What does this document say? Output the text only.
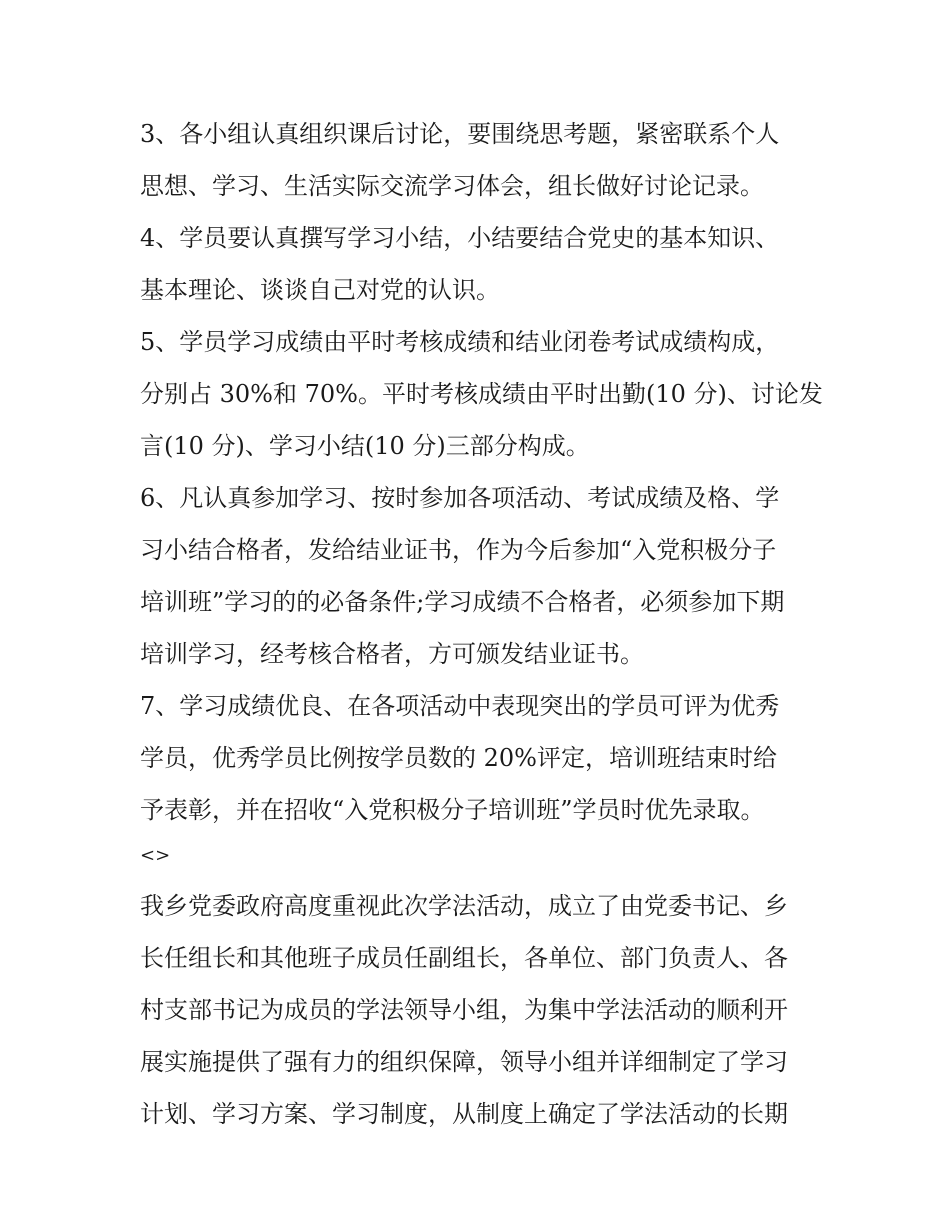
3、各小组认真组织课后讨论，要围绕思考题，紧密联系个人
思想、学习、生活实际交流学习体会，组长做好讨论记录。
4、学员要认真撰写学习小结，小结要结合党史的基本知识、
基本理论、谈谈自己对党的认识。
5、学员学习成绩由平时考核成绩和结业闭卷考试成绩构成，
分别占 30%和 70%。平时考核成绩由平时出勤(10 分)、讨论发
言(10 分)、学习小结(10 分)三部分构成。
6、凡认真参加学习、按时参加各项活动、考试成绩及格、学
习小结合格者，发给结业证书，作为今后参加“入党积极分子
培训班”学习的的必备条件;学习成绩不合格者，必须参加下期
培训学习，经考核合格者，方可颁发结业证书。
7、学习成绩优良、在各项活动中表现突出的学员可评为优秀
学员，优秀学员比例按学员数的 20%评定，培训班结束时给
予表彰，并在招收“入党积极分子培训班”学员时优先录取。
<>
我乡党委政府高度重视此次学法活动，成立了由党委书记、乡
长任组长和其他班子成员任副组长，各单位、部门负责人、各
村支部书记为成员的学法领导小组，为集中学法活动的顺利开
展实施提供了强有力的组织保障，领导小组并详细制定了学习
计划、学习方案、学习制度，从制度上确定了学法活动的长期
